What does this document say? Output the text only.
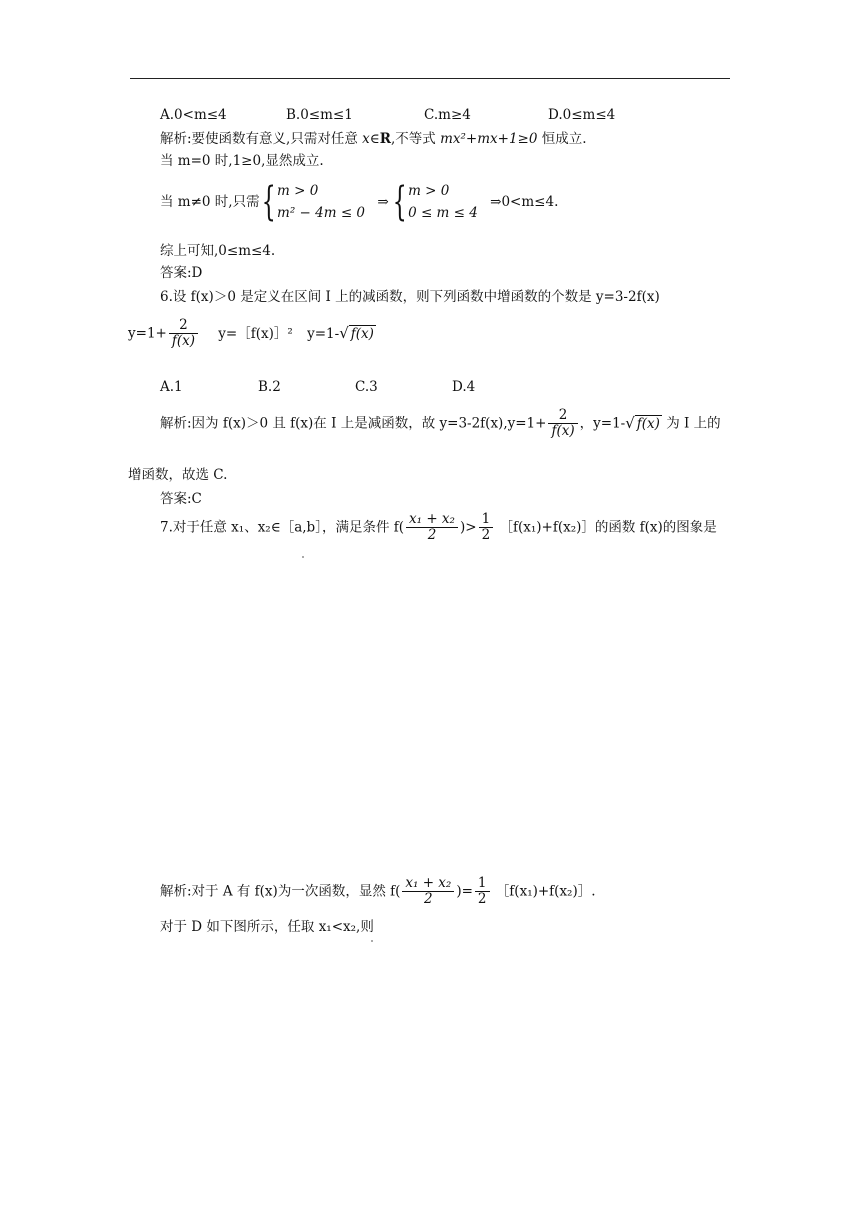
A.0<m≤4	B.0≤m≤1	C.m≥4	D.0≤m≤4
解析:要使函数有意义,只需对任意 x∈R,不等式 mx²+mx+1≥0 恒成立.
当 m=0 时,1≥0,显然成立.
当 m≠0 时,只需{ m > 0
m² − 4m ≤ 0
⇒{ m > 0
0 ≤ m ≤ 4
⇒0<m≤4.
综上可知,0≤m≤4.
答案:D
6.设 f(x)＞0 是定义在区间 I 上的减函数，则下列函数中增函数的个数是 y=3-2f(x)
$y=1+ \frac{2}{f(x)}$ y=［f(x)］² y=1-√ f(x)
A.1	B.2	C.3	D.4
解析:因为 f(x)＞0 且 f(x)在 I 上是减函数，故 $y=3-2f(x),y=1+ \frac{2}{f(x)}$ ，y=1-√ f(x) 为 I 上的
增函数，故选 C.
答案:C
7.对于任意 x₁、x₂∈［a,b］，满足条件 $f( \frac{\text{x₁ + x₂}}{2}$ )> $\frac{1}{2}$ ［f(x₁)+f(x₂)］的函数 f(x)的图象是
解析:对于 A 有 f(x)为一次函数，显然 $f( \frac{\text{x₁ + x₂}}{2}$ )= $\frac{1}{2}$ ［f(x₁)+f(x₂)］.
对于 D 如下图所示，任取 x₁<x₂,则
